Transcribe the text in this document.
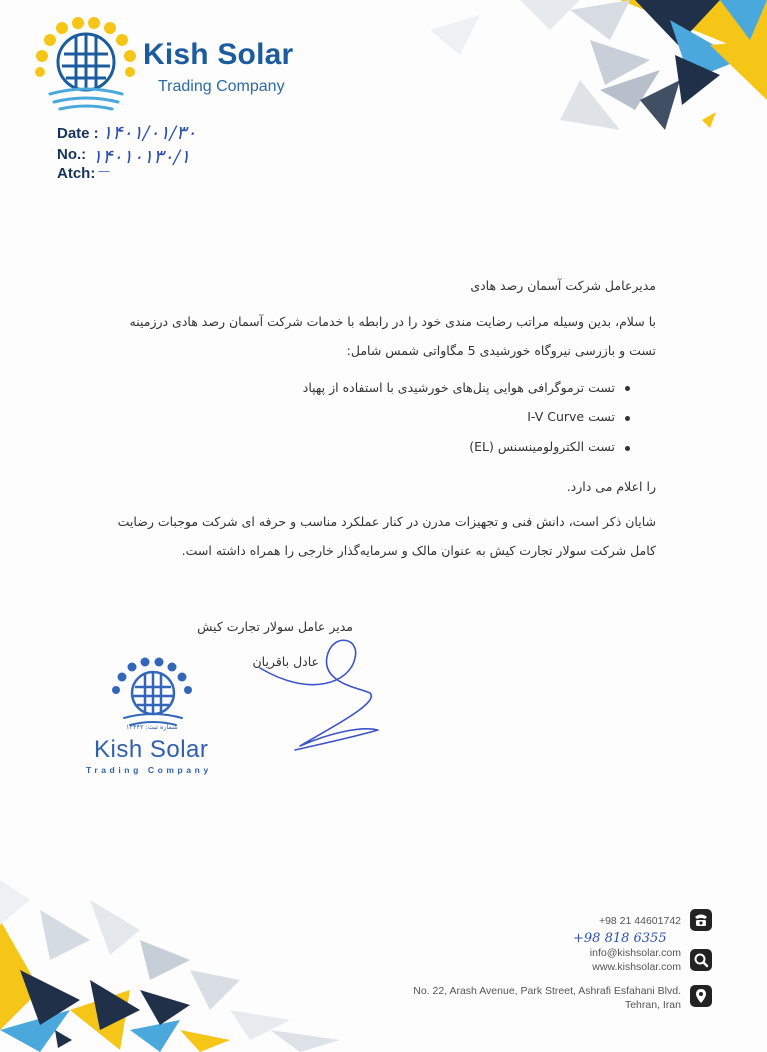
Kish Solar
Trading Company
Date : ۱۴۰۱/۰۱/۳۰
No.: ۱۴۰۱۰۱۳۰/۱
Atch: —
مدیرعامل شرکت آسمان رصد هادی
با سلام، بدین وسیله مراتب رضایت مندی خود را در رابطه با خدمات شرکت آسمان رصد هادی درزمینه
تست و بازرسی نیروگاه خورشیدی 5 مگاواتی شمس شامل:
تست ترموگرافی هوایی پنل‌های خورشیدی با استفاده از پهپاد
تست I-V Curve
تست الکترولومینسنس (EL)
را اعلام می دارد.
شایان ذکر است، دانش فنی و تجهیزات مدرن در کنار عملکرد مناسب و حرفه ای شرکت موجبات رضایت
کامل شرکت سولار تجارت کیش به عنوان مالک و سرمایه‌گذار خارجی را همراه داشته است.
مدیر عامل سولار تجارت کیش
عادل باقریان
شماره ثبت: ۱۲۴۴۲
Kish Solar
Trading Company
+98 21 44601742
+98 818 6355
info@kishsolar.com
www.kishsolar.com
No. 22, Arash Avenue, Park Street, Ashrafi Esfahani Blvd.
Tehran, Iran
